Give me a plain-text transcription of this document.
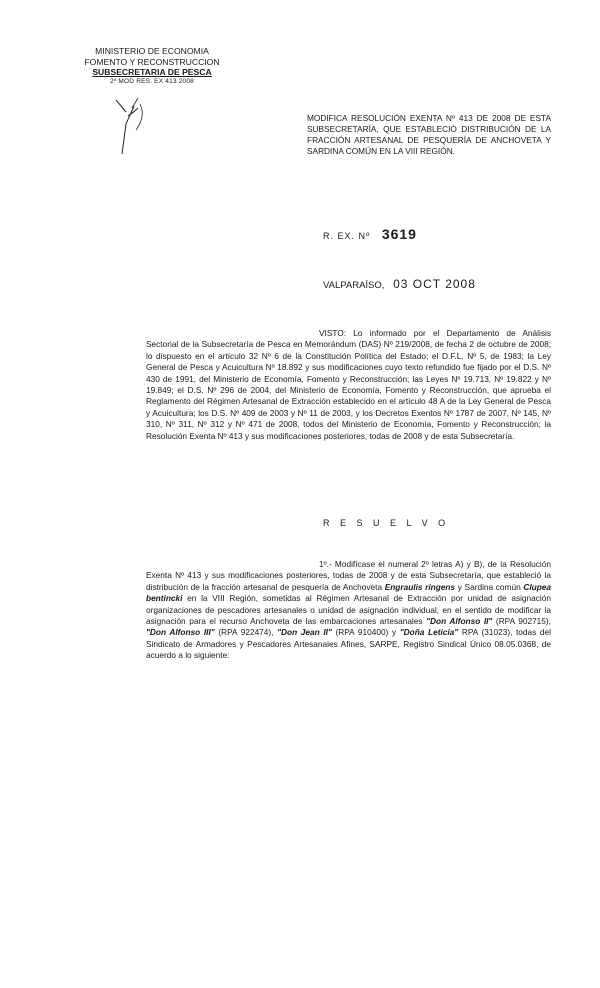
MINISTERIO DE ECONOMIA
FOMENTO Y RECONSTRUCCION
SUBSECRETARIA DE PESCA
2º MOD RES. EX 413 2008
MODIFICA RESOLUCIÓN EXENTA Nº 413 DE 2008 DE ESTA SUBSECRETARÍA, QUE ESTABLECIÓ DISTRIBUCIÓN DE LA FRACCIÓN ARTESANAL DE PESQUERÍA DE ANCHOVETA Y SARDINA COMÚN EN LA VIII REGIÓN.
R. EX. Nº 3619
VALPARAÍSO, 03 OCT 2008
VISTO: Lo informado por el Departamento de Análisis Sectorial de la Subsecretaría de Pesca en Memorándum (DAS) Nº 219/2008, de fecha 2 de octubre de 2008; lo dispuesto en el artículo 32 Nº 6 de la Constitución Política del Estado; el D.F.L. Nº 5, de 1983; la Ley General de Pesca y Acuicultura Nº 18.892 y sus modificaciones cuyo texto refundido fue fijado por el D.S. Nº 430 de 1991, del Ministerio de Economía, Fomento y Reconstrucción; las Leyes Nº 19.713, Nº 19.822 y Nº 19.849; el D.S. Nº 296 de 2004, del Ministerio de Economía, Fomento y Reconstrucción, que aprueba el Reglamento del Régimen Artesanal de Extracción establecido en el artículo 48 A de la Ley General de Pesca y Acuicultura; los D.S. Nº 409 de 2003 y Nº 11 de 2003, y los Decretos Exentos Nº 1787 de 2007, Nº 145, Nº 310, Nº 311, Nº 312 y Nº 471 de 2008, todos del Ministerio de Economía, Fomento y Reconstrucción; la Resolución Exenta Nº 413 y sus modificaciones posteriores, todas de 2008 y de esta Subsecretaría.
R E S U E L V O
1º.- Modifícase el numeral 2º letras A) y B), de la Resolución Exenta Nº 413 y sus modificaciones posteriores, todas de 2008 y de esta Subsecretaría, que estableció la distribución de la fracción artesanal de pesquería de Anchoveta Engraulis ringens y Sardina común Clupea bentincki en la VIII Región, sometidas al Régimen Artesanal de Extracción por unidad de asignación organizaciones de pescadores artesanales o unidad de asignación individual, en el sentido de modificar la asignación para el recurso Anchoveta de las embarcaciones artesanales "Don Alfonso II" (RPA 902715), "Don Alfonso III" (RPA 922474), "Don Jean II" (RPA 910400) y "Doña Leticia" RPA (31023), todas del Sindicato de Armadores y Pescadores Artesanales Afines, SARPE, Registro Sindical Único 08.05.0368, de acuerdo a lo siguiente:
